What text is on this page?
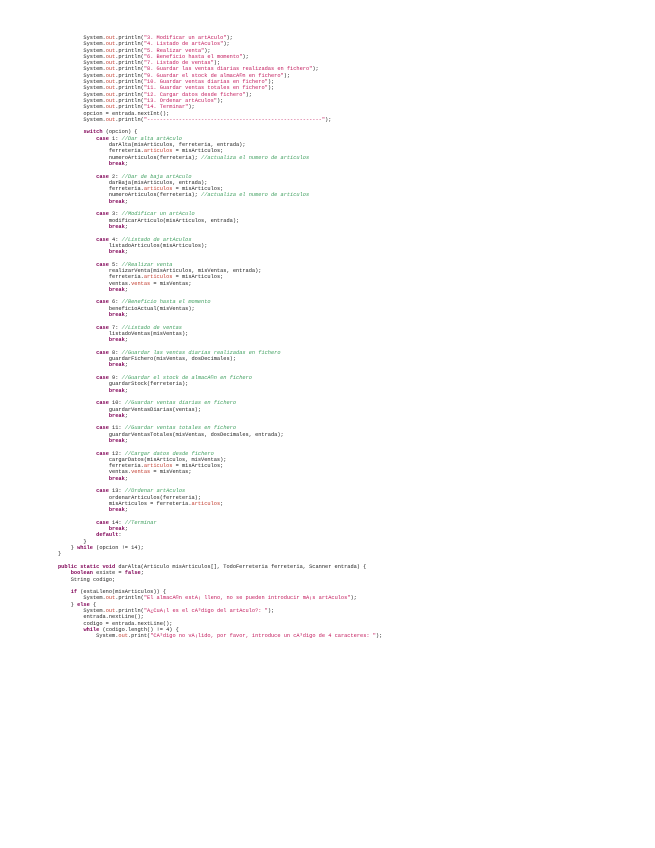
System.out.println("3. Modificar un artÃculo");
System.out.println("4. Listado de artÃculos");
System.out.println("5. Realizar venta");
System.out.println("6. Beneficio hasta el momento");
System.out.println("7. Listado de ventas");
System.out.println("8. Guardar las ventas diarias realizadas en fichero");
System.out.println("9. Guardar el stock de almacÃ©n en fichero");
System.out.println("10. Guardar ventas diarias en fichero");
System.out.println("11. Guardar ventas totales en fichero");
System.out.println("12. Cargar datos desde fichero");
System.out.println("13. Ordenar artÃculos");
System.out.println("14. Terminar");
opcion = entrada.nextInt();
System.out.println("-------------------------------------------------------");
switch (opcion) {
case 1: //Dar alta artÃculo
darAlta(misArticulos, ferreteria, entrada);
ferreteria.articulos = misArticulos;
numeroArticulos(ferreteria); //actualiza el numero de articulos
break;
case 2: //Dar de baja artÃculo
darBaja(misArticulos, entrada);
ferreteria.articulos = misArticulos;
numeroArticulos(ferreteria); //actualiza el numero de articulos
break;
case 3: //Modificar un artÃculo
modificarArticulo(misArticulos, entrada);
break;
case 4: //Listado de artÃculos
listadoArticulos(misArticulos);
break;
case 5: //Realizar venta
realizarVenta(misArticulos, misVentas, entrada);
ferreteria.articulos = misArticulos;
ventas.ventas = misVentas;
break;
case 6: //Beneficio hasta el momento
beneficioActual(misVentas);
break;
case 7: //Listado de ventas
listadoVentas(misVentas);
break;
case 8: //Guardar las ventas diarias realizadas en fichero
guardarFichero(misVentas, dosDecimales);
break;
case 9: //Guardar el stock de almacÃ©n en fichero
guardarStock(ferreteria);
break;
case 10: //Guardar ventas diarias en fichero
guardarVentasDiarias(ventas);
break;
case 11: //Guardar ventas totales en fichero
guardarVentasTotales(misVentas, dosDecimales, entrada);
break;
case 12: //Cargar datos desde fichero
cargarDatos(misArticulos, misVentas);
ferreteria.articulos = misArticulos;
ventas.ventas = misVentas;
break;
case 13: //Ordenar artÃculos
ordenarArticulos(ferreteria);
misArticulos = ferreteria.articulos;
break;
case 14: //Terminar
break;
default:
}
} while (opcion != 14);
}
public static void darAlta(Articulo misArticulos[], TodoFerreteria ferreteria, Scanner entrada) {
boolean existe = false;
String codigo;
if (estaLleno(misArticulos)) {
System.out.println("El almacÃ©n estÃ¡ lleno, no se pueden introducir mÃ¡s artÃculos");
} else {
System.out.println("Â¿CuÃ¡l es el cÃ³digo del artÃculo?: ");
entrada.nextLine();
codigo = entrada.nextLine();
while (codigo.length() != 4) {
System.out.print("CÃ³digo no vÃ¡lido, por favor, introduce un cÃ³digo de 4 caracteres: ");
